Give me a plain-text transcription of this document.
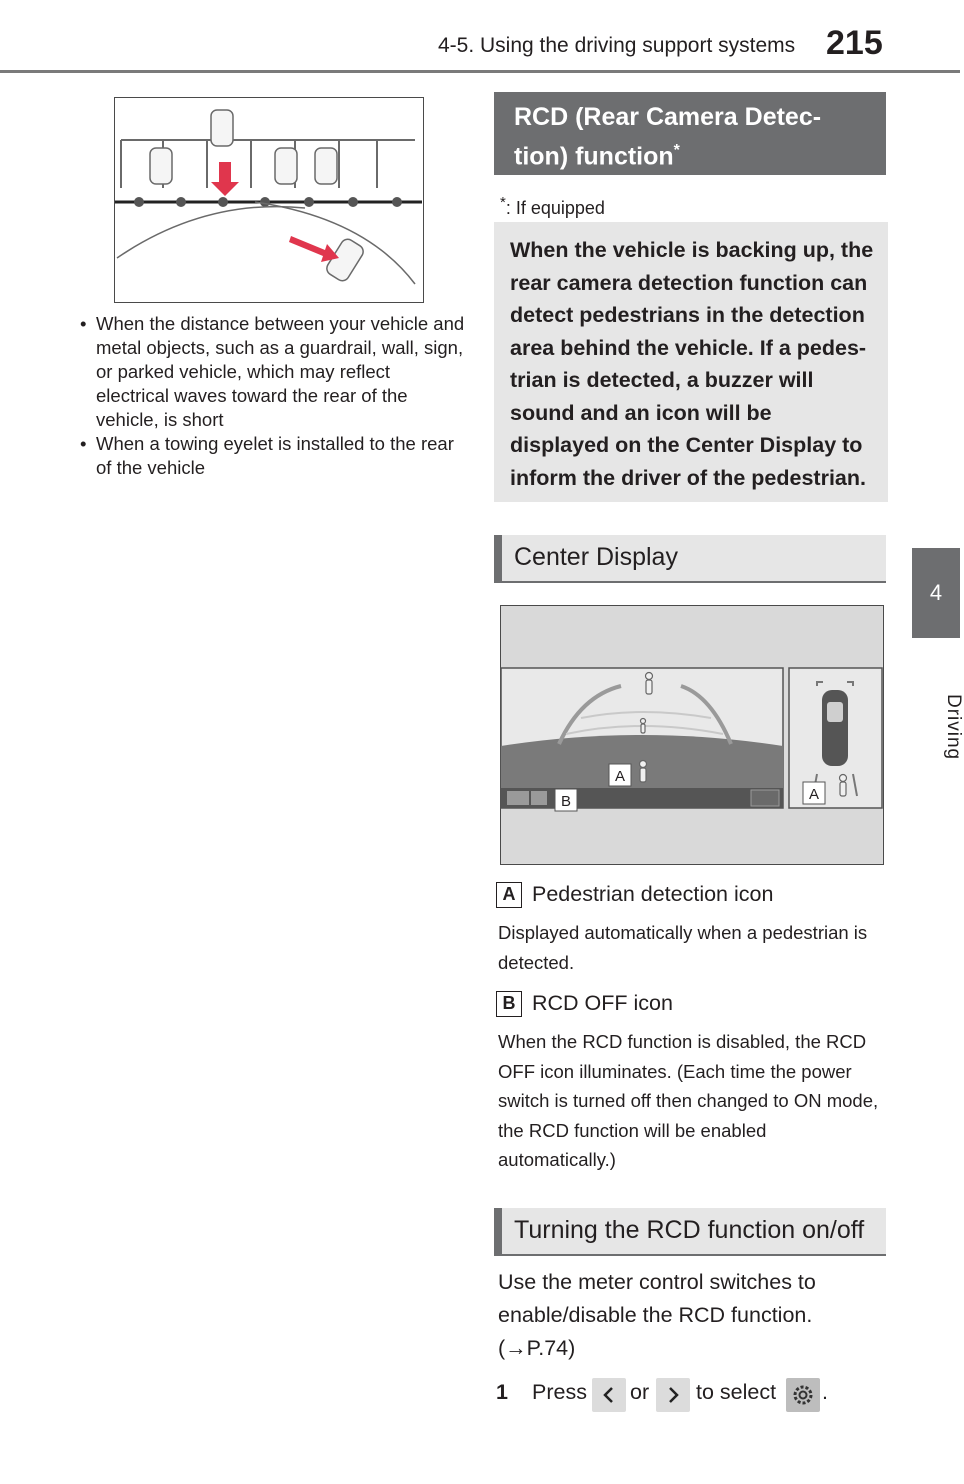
4-5. Using the driving support systems 215
4
Driving
• When the distance between your vehicle and metal objects, such as a guardrail, wall, sign, or parked vehicle, which may reflect electrical waves toward the rear of the vehicle, is short
• When a towing eyelet is installed to the rear of the vehicle
RCD (Rear Camera Detec-
tion) function*
*: If equipped
When the vehicle is backing up, the rear camera detection function can detect pedestrians in the detection area behind the vehicle. If a pedes- trian is detected, a buzzer will sound and an icon will be displayed on the Center Display to inform the driver of the pedestrian.
Center Display
A
B	A
A Pedestrian detection icon
Displayed automatically when a pedestrian is detected.
B RCD OFF icon
When the RCD function is disabled, the RCD OFF icon illuminates. (Each time the power switch is turned off then changed to ON mode, the RCD function will be enabled automatically.)
Turning the RCD function on/off
Use the meter control switches to enable/disable the RCD function. (→P.74)
1 Press or to select .
